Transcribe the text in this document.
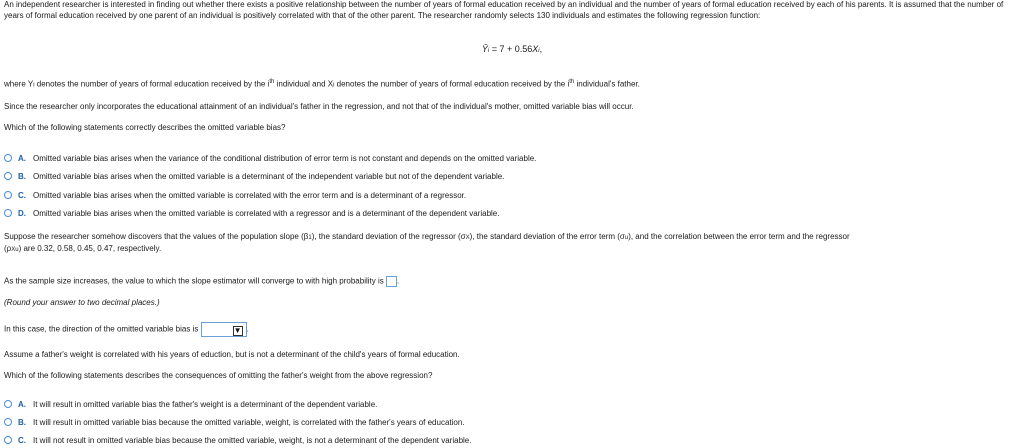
An independent researcher is interested in finding out whether there exists a positive relationship between the number of years of formal education received by an individual and the number of years of formal education received by each of his parents. It is assumed that the number of years of formal education received by one parent of an individual is positively correlated with that of the other parent. The researcher randomly selects 130 individuals and estimates the following regression function:

Ŷi = 7 + 0.56Xi,

where Yi denotes the number of years of formal education received by the $i^{th}$ individual and Xi denotes the number of years of formal education received by the $i^{th}$ individual's father.

Since the researcher only incorporates the educational attainment of an individual's father in the regression, and not that of the individual's mother, omitted variable bias will occur.

Which of the following statements correctly describes the omitted variable bias?

A. Omitted variable bias arises when the variance of the conditional distribution of error term is not constant and depends on the omitted variable.
B. Omitted variable bias arises when the omitted variable is a determinant of the independent variable but not of the dependent variable.
C. Omitted variable bias arises when the omitted variable is correlated with the error term and is a determinant of a regressor.
D. Omitted variable bias arises when the omitted variable is correlated with a regressor and is a determinant of the dependent variable.

Suppose the researcher somehow discovers that the values of the population slope (β1), the standard deviation of the regressor (σX), the standard deviation of the error term (σu), and the correlation between the error term and the regressor
(ρXu) are 0.32, 0.58, 0.45, 0.47, respectively.

As the sample size increases, the value to which the slope estimator will converge to with high probability is .

(Round your answer to two decimal places.)

In this case, the direction of the omitted variable bias is	▼ .

Assume a father's weight is correlated with his years of eduction, but is not a determinant of the child's years of formal education.

Which of the following statements describes the consequences of omitting the father's weight from the above regression?

A. It will result in omitted variable bias the father's weight is a determinant of the dependent variable.
B. It will result in omitted variable bias because the omitted variable, weight, is correlated with the father's years of education.
C. It will not result in omitted variable bias because the omitted variable, weight, is not a determinant of the dependent variable.
